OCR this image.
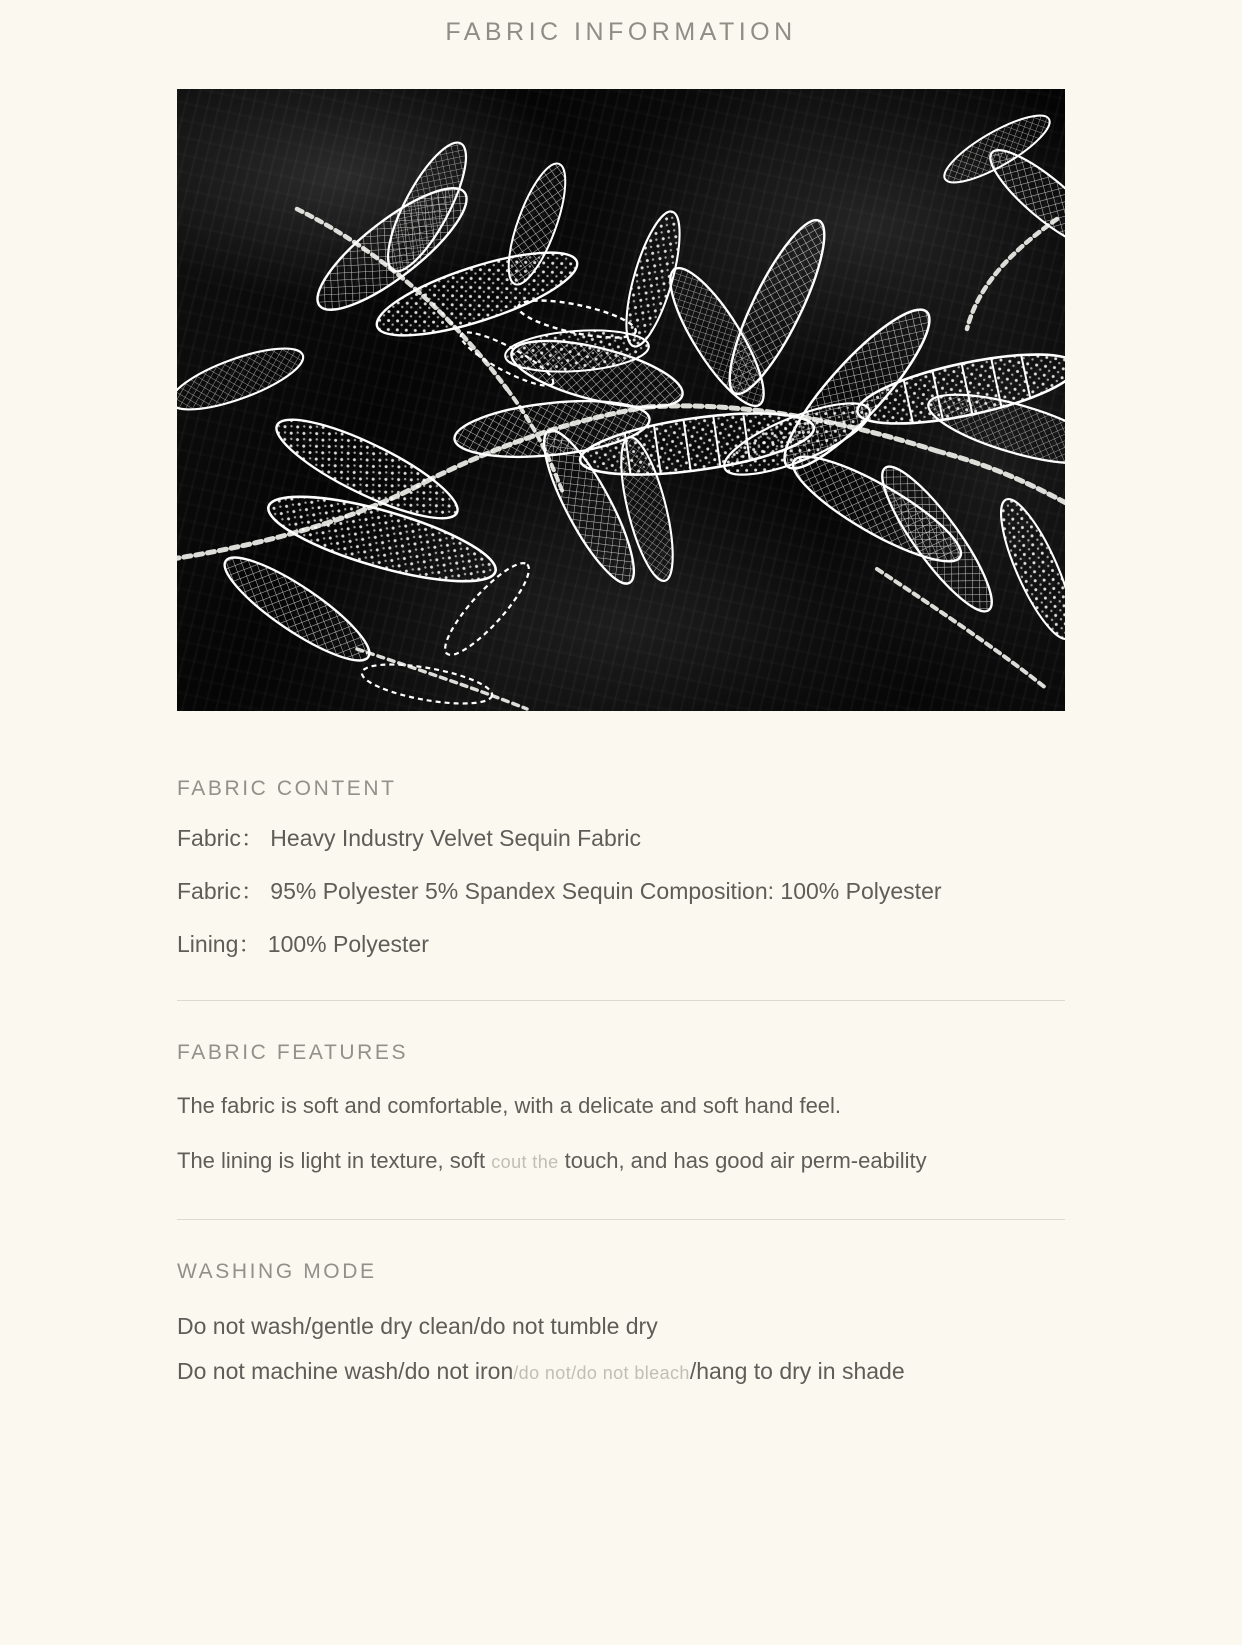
FABRIC INFORMATION
FABRIC CONTENT

Fabric： Heavy Industry Velvet Sequin Fabric

Fabric： 95% Polyester 5% Spandex Sequin Composition: 100% Polyester

Lining： 100% Polyester

FABRIC FEATURES

The fabric is soft and comfortable, with a delicate and soft hand feel.

The lining is light in texture, soft cout the touch, and has good air perm-eability

WASHING MODE

Do not wash/gentle dry clean/do not tumble dry

Do not machine wash/do not iron/do not/do not bleach/hang to dry in shade
